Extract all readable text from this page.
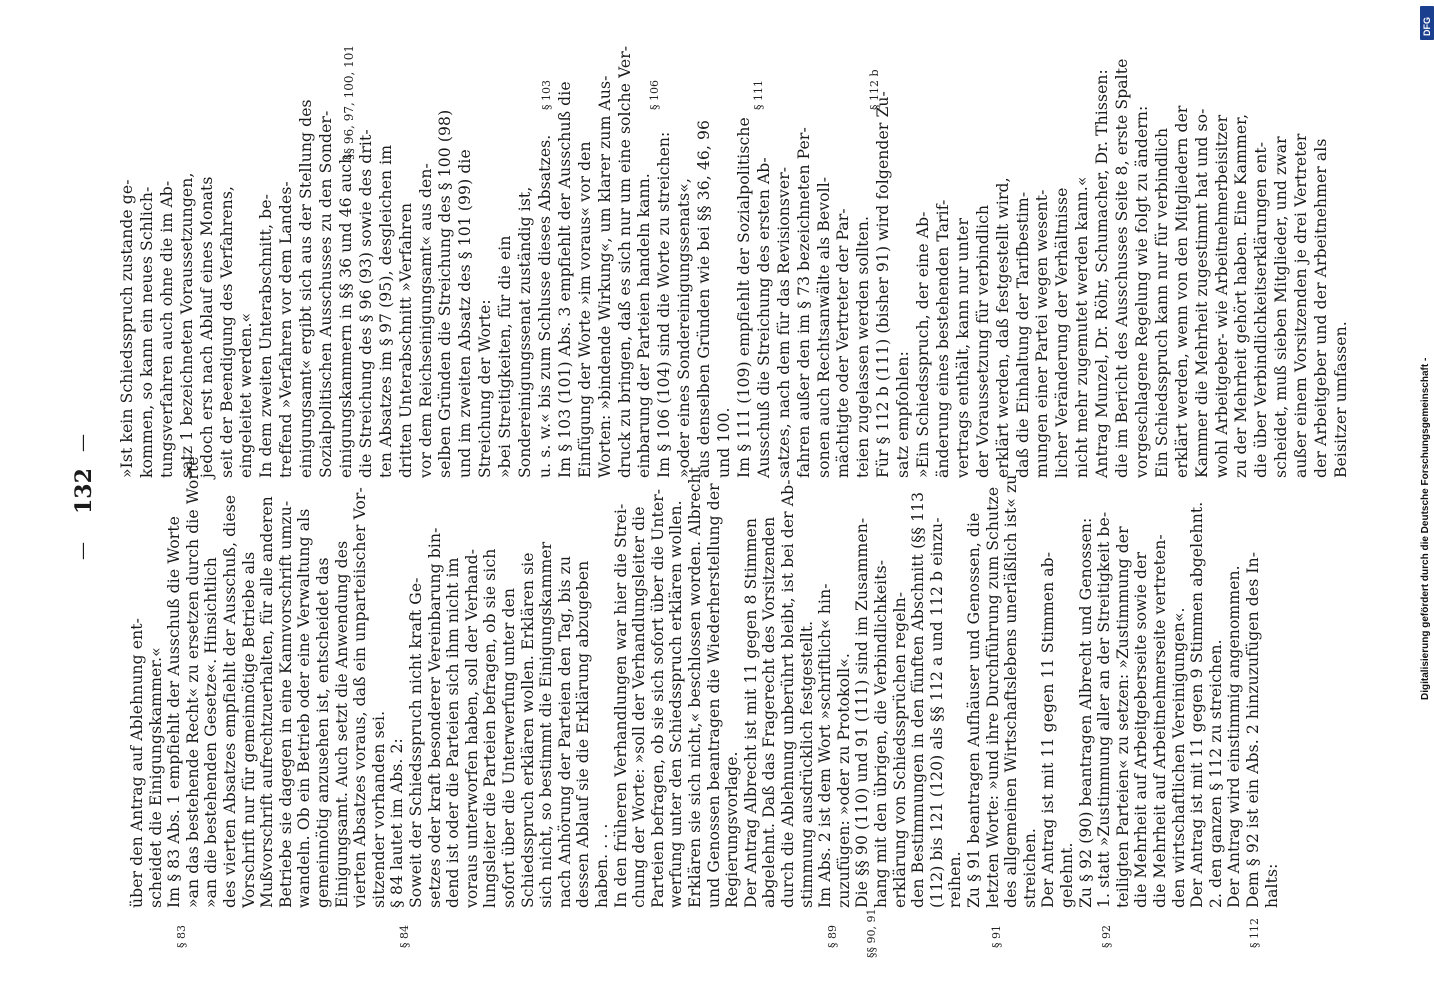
—
132
—
über den Antrag auf Ablehnung ent- scheidet die Einigungskammer.« Im § 83 Abs. 1 empfiehlt der Ausschuß die Worte »an das bestehende Recht« zu ersetzen durch die Worte »an die bestehenden Gesetze«. Hinsichtlich des vierten Absatzes empfiehlt der Ausschuß, diese Vorschrift nur für gemeinnötige Betriebe als Mußvorschrift aufrechtzuerhalten, für alle anderen Betriebe sie dagegen in eine Kannvorschrift umzu- wandeln. Ob ein Betrieb oder eine Verwaltung als gemeinnötig anzusehen ist, entscheidet das Einigungsamt. Auch setzt die Anwendung des vierten Absatzes voraus, daß ein unparteiischer Vor- sitzender vorhanden sei. § 84 lautet im Abs. 2: Soweit der Schiedsspruch nicht kraft Ge- setzes oder kraft besonderer Vereinbarung bin- dend ist oder die Parteien sich ihm nicht im voraus unterworfen haben, soll der Verhand- lungsleiter die Parteien befragen, ob sie sich sofort über die Unterwerfung unter den Schiedsspruch erklären wollen. Erklären sie sich nicht, so bestimmt die Einigungskammer nach Anhörung der Parteien den Tag, bis zu dessen Ablauf sie die Erklärung abzugeben haben. . . . In den früheren Verhandlungen war hier die Strei- chung der Worte: »soll der Verhandlungsleiter die Parteien befragen, ob sie sich sofort über die Unter- werfung unter den Schiedsspruch erklären wollen. Erklären sie sich nicht,« beschlossen worden. Albrecht und Genossen beantragen die Wiederherstellung der Regierungsvorlage. Der Antrag Albrecht ist mit 11 gegen 8 Stimmen abgelehnt. Daß das Fragerecht des Vorsitzenden durch die Ablehnung unberührt bleibt, ist bei der Ab- stimmung ausdrücklich festgestellt. Im Abs. 2 ist dem Wort »schriftlich« hin- zuzufügen: »oder zu Protokoll«. Die §§ 90 (110) und 91 (111) sind im Zusammen- hang mit den übrigen, die Verbindlichkeits- erklärung von Schiedssprüchen regeln- den Bestimmungen in den fünften Abschnitt (§§ 113 (112) bis 121 (120) als §§ 112 a und 112 b einzu- reihen. Zu § 91 beantragen Aufhäuser und Genossen, die letzten Worte: »und ihre Durchführung zum Schutze des allgemeinen Wirtschaftslebens unerläßlich ist« zu streichen. Der Antrag ist mit 11 gegen 11 Stimmen ab- gelehnt. Zu § 92 (90) beantragen Albrecht und Genossen: 1. statt »Zustimmung aller an der Streitigkeit be- teiligten Parteien« zu setzen: »Zustimmung der die Mehrheit auf Arbeitgeberseite sowie der die Mehrheit auf Arbeitnehmerseite vertreten- den wirtschaftlichen Vereinigungen«. Der Antrag ist mit 11 gegen 9 Stimmen abgelehnt. 2. den ganzen § 112 zu streichen. Der Antrag wird einstimmig angenommen. Dem § 92 ist ein Abs. 2 hinzuzufügen des In- halts:
»Ist kein Schiedsspruch zustande ge- kommen, so kann ein neues Schlich- tungsverfahren auch ohne die im Ab- satz 1 bezeichneten Voraussetzungen, jedoch erst nach Ablauf eines Monats seit der Beendigung des Verfahrens, eingeleitet werden.« In dem zweiten Unterabschnitt, be- treffend »Verfahren vor dem Landes- einigungsamt« ergibt sich aus der Stellung des Sozialpolitischen Ausschusses zu den Sonder- einigungskammern in §§ 36 und 46 auch die Streichung des § 96 (93) sowie des drit- ten Absatzes im § 97 (95), desgleichen im dritten Unterabschnitt »Verfahren vor dem Reichseinigungsamt« aus den- selben Gründen die Streichung des § 100 (98) und im zweiten Absatz des § 101 (99) die Streichung der Worte: »bei Streitigkeiten, für die ein Sondereinigungssenat zuständig ist, u. s. w.« bis zum Schlusse dieses Absatzes. Im § 103 (101) Abs. 3 empfiehlt der Ausschuß die Einfügung der Worte »im voraus« vor den Worten: »bindende Wirkung«, um klarer zum Aus- druck zu bringen, daß es sich nur um eine solche Ver- einbarung der Parteien handeln kann. Im § 106 (104) sind die Worte zu streichen: »oder eines Sondereinigungssenats«, aus denselben Gründen wie bei §§ 36, 46, 96 und 100. Im § 111 (109) empfiehlt der Sozialpolitische Ausschuß die Streichung des ersten Ab- satzes, nach dem für das Revisionsver- fahren außer den im § 73 bezeichneten Per- sonen auch Rechtsanwälte als Bevoll- mächtigte oder Vertreter der Par- teien zugelassen werden sollten. Für § 112 b (111) (bisher 91) wird folgender Zu- satz empfohlen: »Ein Schiedsspruch, der eine Ab- änderung eines bestehenden Tarif- vertrags enthält, kann nur unter der Voraussetzung für verbindlich erklärt werden, daß festgestellt wird, daß die Einhaltung der Tarifbestim- mungen einer Partei wegen wesent- licher Veränderung der Verhältnisse nicht mehr zugemutet werden kann.« Antrag Munzel, Dr. Röhr, Schumacher, Dr. Thissen: die im Bericht des Ausschusses Seite 8, erste Spalte vorgeschlagene Regelung wie folgt zu ändern: Ein Schiedsspruch kann nur für verbindlich erklärt werden, wenn von den Mitgliedern der Kammer die Mehrheit zugestimmt hat und so- wohl Arbeitgeber- wie Arbeitnehmerbeisitzer zu der Mehrheit gehört haben. Eine Kammer, die über Verbindlichkeitserklärungen ent- scheidet, muß sieben Mitglieder, und zwar außer einem Vorsitzenden je drei Vertreter der Arbeitgeber und der Arbeitnehmer als Beisitzer umfassen.
§ 83	§ 84	§ 89 §§ 90, 91	§ 91	§ 92	§ 112
§§ 96, 97, 100, 101	§ 103	§ 106	§ 111	§ 112 b
DFG
Digitalisierung gefördert durch die Deutsche Forschungsgemeinschaft -
